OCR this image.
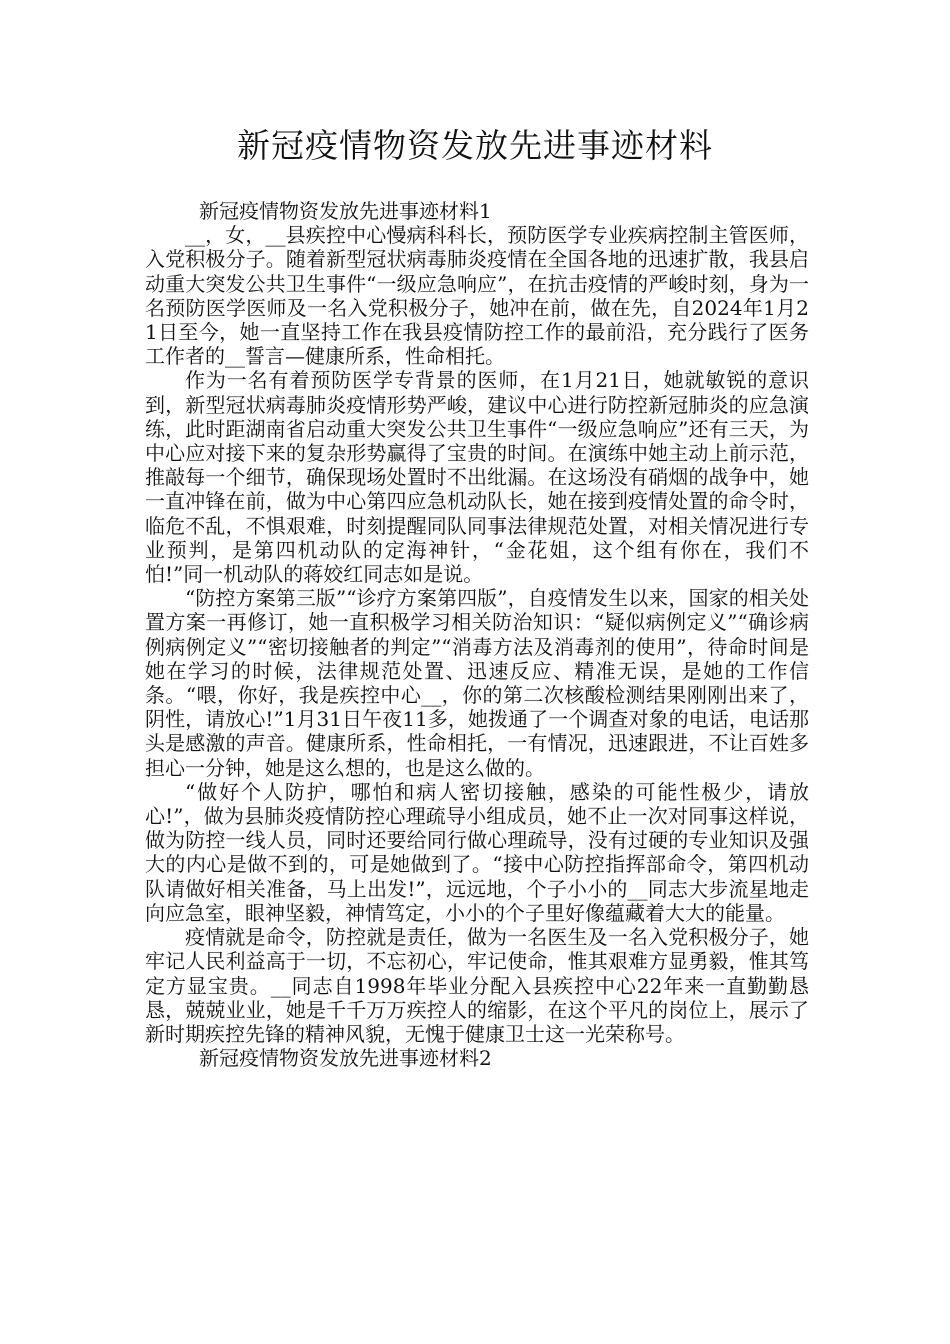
新冠疫情物资发放先进事迹材料

新冠疫情物资发放先进事迹材料1

__，女，__县疾控中心慢病科科长，预防医学专业疾病控制主管医师，入党积极分子。随着新型冠状病毒肺炎疫情在全国各地的迅速扩散，我县启动重大突发公共卫生事件“一级应急响应”，在抗击疫情的严峻时刻，身为一名预防医学医师及一名入党积极分子，她冲在前，做在先，自2024年1月21日至今，她一直坚持工作在我县疫情防控工作的最前沿，充分践行了医务工作者的__誓言—健康所系，性命相托。

作为一名有着预防医学专背景的医师，在1月21日，她就敏锐的意识到，新型冠状病毒肺炎疫情形势严峻，建议中心进行防控新冠肺炎的应急演练，此时距湖南省启动重大突发公共卫生事件“一级应急响应”还有三天，为中心应对接下来的复杂形势赢得了宝贵的时间。在演练中她主动上前示范，推敲每一个细节，确保现场处置时不出纰漏。在这场没有硝烟的战争中，她一直冲锋在前，做为中心第四应急机动队长，她在接到疫情处置的命令时，临危不乱，不惧艰难，时刻提醒同队同事法律规范处置，对相关情况进行专业预判，是第四机动队的定海神针，“金花姐，这个组有你在，我们不怕!”同一机动队的蒋姣红同志如是说。

“防控方案第三版”“诊疗方案第四版”，自疫情发生以来，国家的相关处置方案一再修订，她一直积极学习相关防治知识：“疑似病例定义”“确诊病例病例定义”“密切接触者的判定”“消毒方法及消毒剂的使用”，待命时间是她在学习的时候，法律规范处置、迅速反应、精准无误，是她的工作信条。“喂，你好，我是疾控中心__，你的第二次核酸检测结果刚刚出来了，阴性，请放心!”1月31日午夜11多，她拨通了一个调查对象的电话，电话那头是感激的声音。健康所系，性命相托，一有情况，迅速跟进，不让百姓多担心一分钟，她是这么想的，也是这么做的。

“做好个人防护，哪怕和病人密切接触，感染的可能性极少，请放心!”，做为县肺炎疫情防控心理疏导小组成员，她不止一次对同事这样说，做为防控一线人员，同时还要给同行做心理疏导，没有过硬的专业知识及强大的内心是做不到的，可是她做到了。“接中心防控指挥部命令，第四机动队请做好相关准备，马上出发!”，远远地，个子小小的__同志大步流星地走向应急室，眼神坚毅，神情笃定，小小的个子里好像蕴藏着大大的能量。

疫情就是命令，防控就是责任，做为一名医生及一名入党积极分子，她牢记人民利益高于一切，不忘初心，牢记使命，惟其艰难方显勇毅，惟其笃定方显宝贵。__同志自1998年毕业分配入县疾控中心22年来一直勤勤恳恳，兢兢业业，她是千千万万疾控人的缩影，在这个平凡的岗位上，展示了新时期疾控先锋的精神风貌，无愧于健康卫士这一光荣称号。

新冠疫情物资发放先进事迹材料2
